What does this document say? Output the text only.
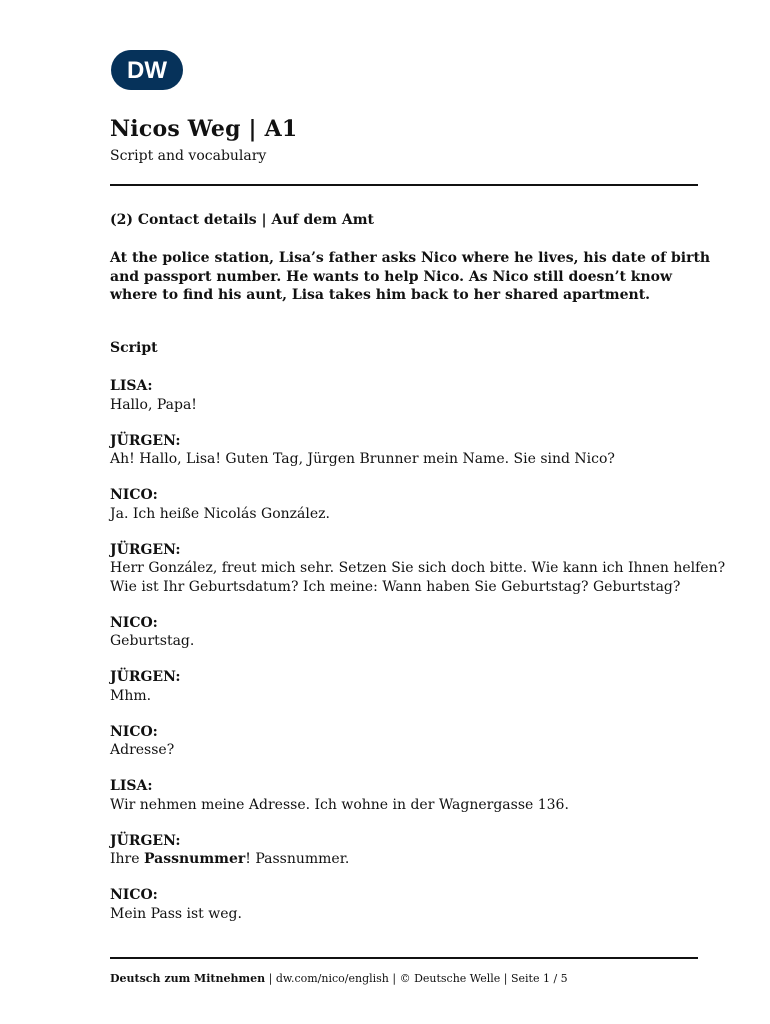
DW
Nicos Weg | A1
Script and vocabulary
(2) Contact details | Auf dem Amt
At the police station, Lisa’s father asks Nico where he lives, his date of birth
and passport number. He wants to help Nico. As Nico still doesn’t know
where to find his aunt, Lisa takes him back to her shared apartment.
Script
LISA:
Hallo, Papa!
JÜRGEN:
Ah! Hallo, Lisa! Guten Tag, Jürgen Brunner mein Name. Sie sind Nico?
NICO:
Ja. Ich heiße Nicolás González.
JÜRGEN:
Herr González, freut mich sehr. Setzen Sie sich doch bitte. Wie kann ich Ihnen helfen?
Wie ist Ihr Geburtsdatum? Ich meine: Wann haben Sie Geburtstag? Geburtstag?
NICO:
Geburtstag.
JÜRGEN:
Mhm.
NICO:
Adresse?
LISA:
Wir nehmen meine Adresse. Ich wohne in der Wagnergasse 136.
JÜRGEN:
Ihre Passnummer! Passnummer.
NICO:
Mein Pass ist weg.
Deutsch zum Mitnehmen | dw.com/nico/english | © Deutsche Welle | Seite 1 / 5
